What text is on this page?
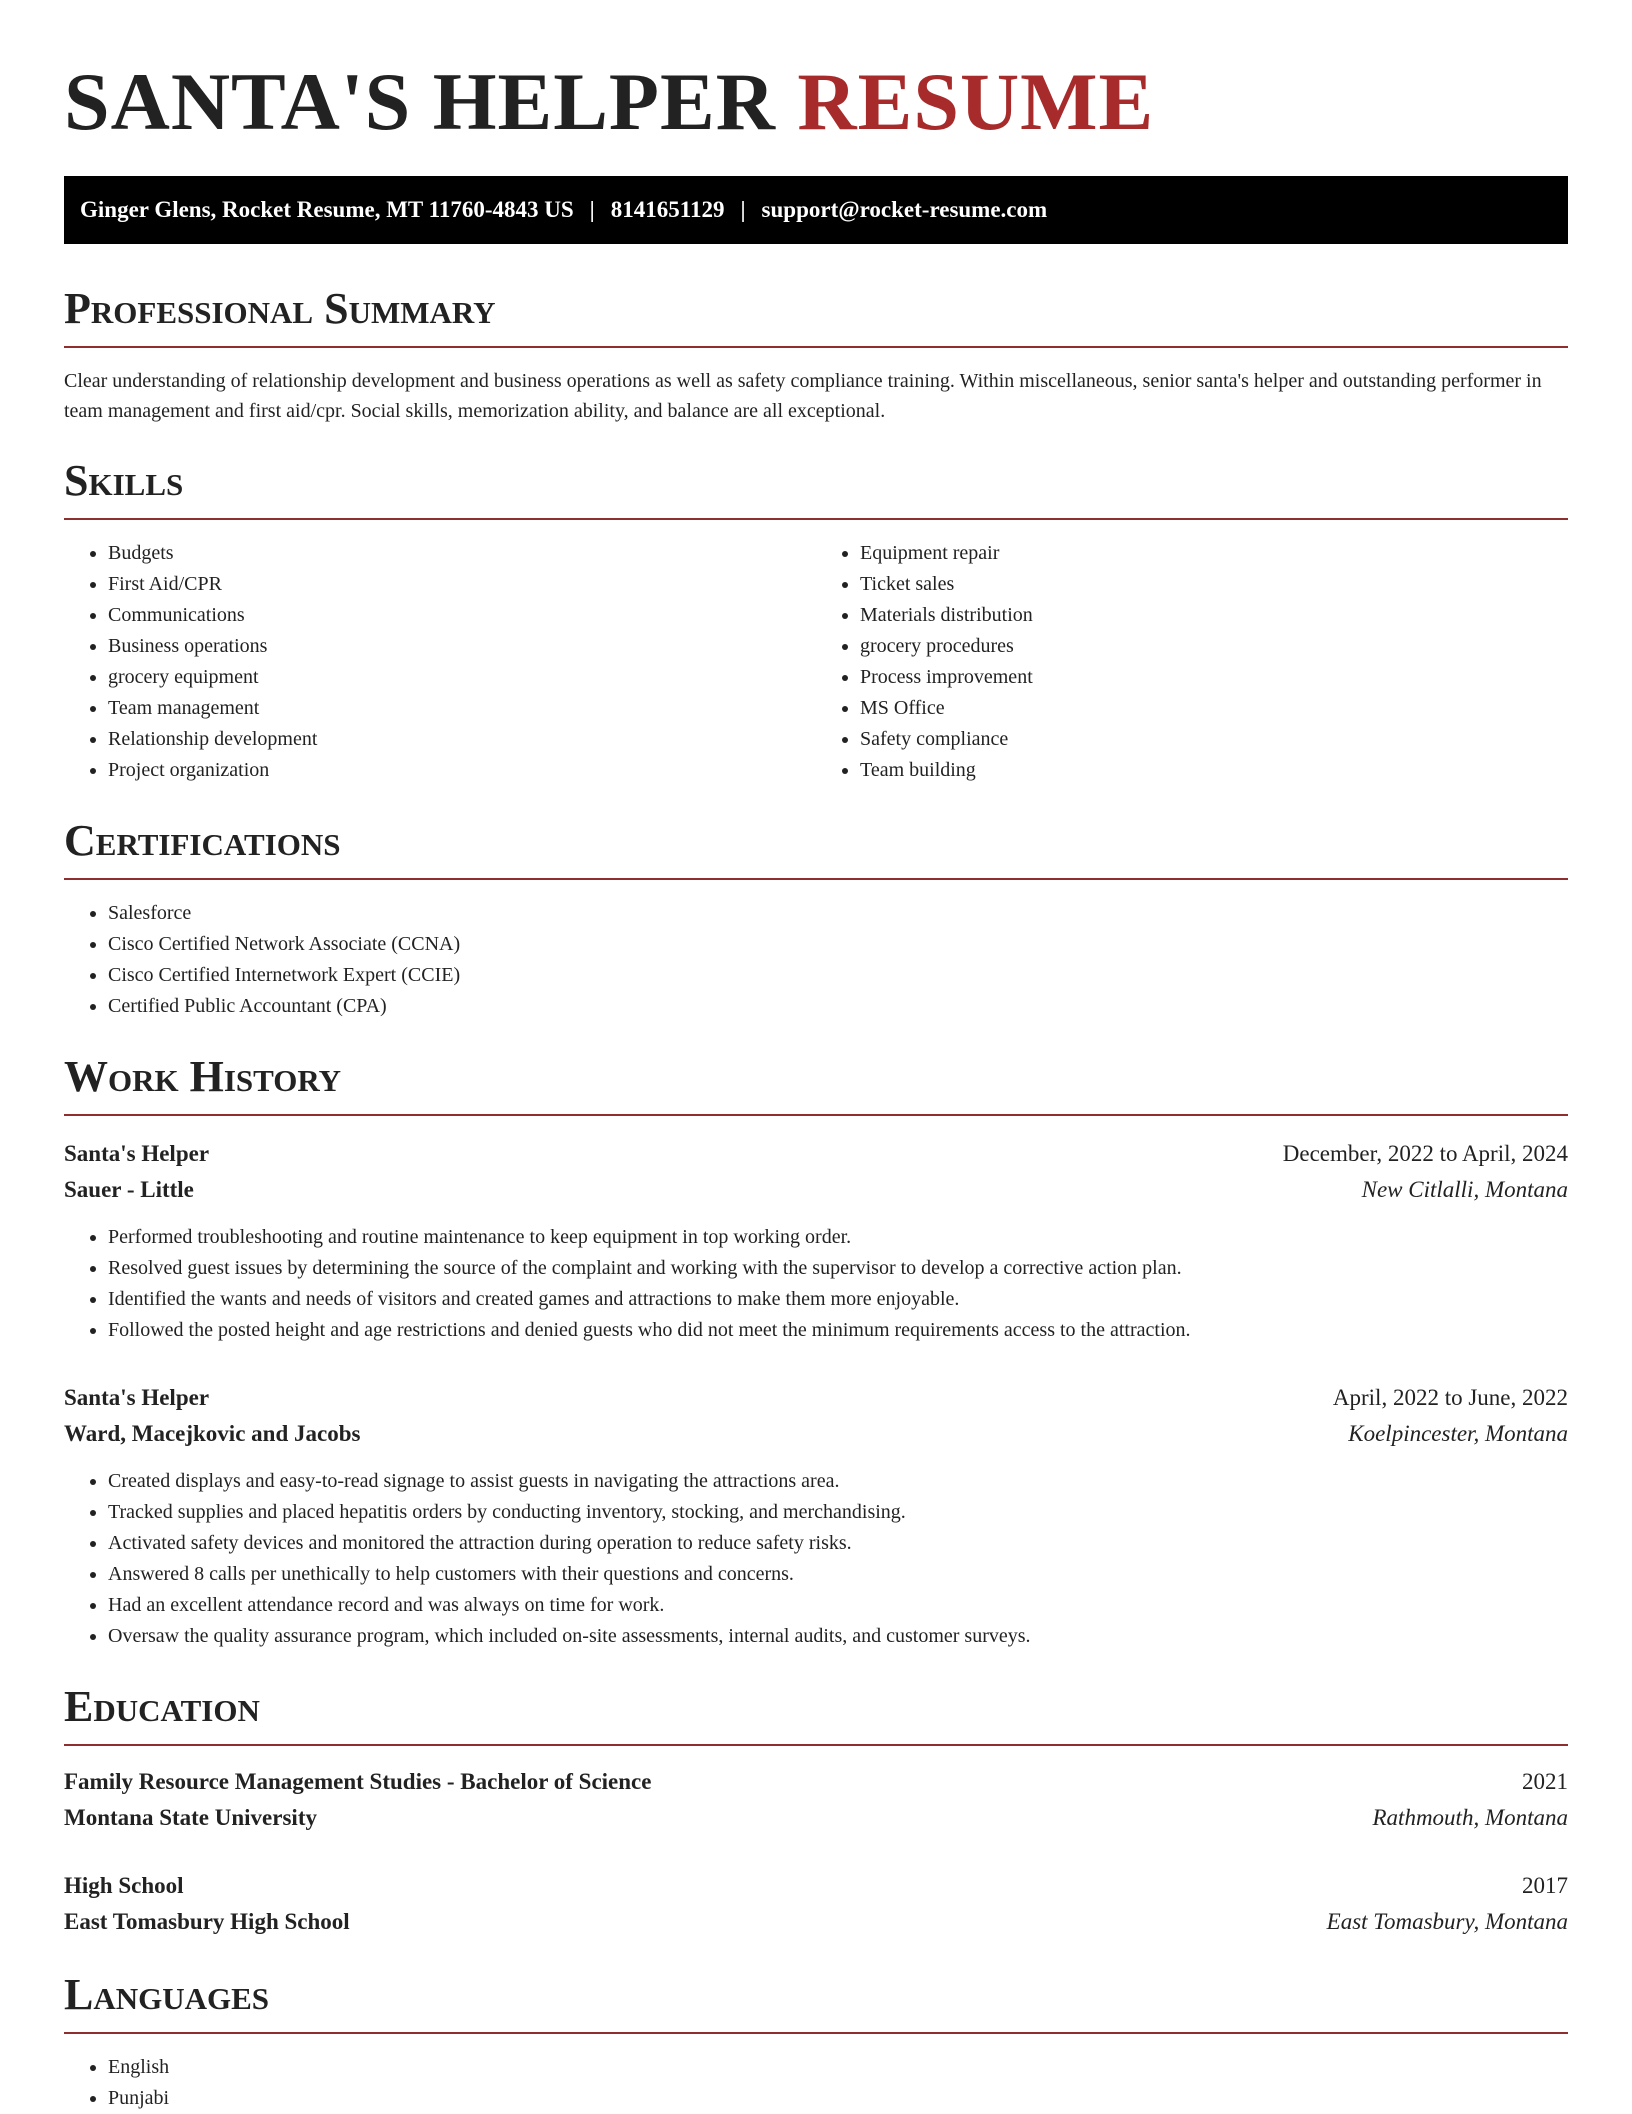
SANTA'S HELPER RESUME
Ginger Glens, Rocket Resume, MT 11760-4843 US | 8141651129 | support@rocket-resume.com
Professional Summary

Clear understanding of relationship development and business operations as well as safety compliance training. Within miscellaneous, senior santa's helper and outstanding performer in team management and first aid/cpr. Social skills, memorization ability, and balance are all exceptional.

Skills
• Budgets
• First Aid/CPR
• Communications
• Business operations
• grocery equipment
• Team management
• Relationship development
• Project organization
• Equipment repair
• Ticket sales
• Materials distribution
• grocery procedures
• Process improvement
• MS Office
• Safety compliance
• Team building
Certifications
• Salesforce
• Cisco Certified Network Associate (CCNA)
• Cisco Certified Internetwork Expert (CCIE)
• Certified Public Accountant (CPA)
Work History
Santa's Helper	December, 2022 to April, 2024
Sauer - Little	New Citlalli, Montana
• Performed troubleshooting and routine maintenance to keep equipment in top working order.
• Resolved guest issues by determining the source of the complaint and working with the supervisor to develop a corrective action plan.
• Identified the wants and needs of visitors and created games and attractions to make them more enjoyable.
• Followed the posted height and age restrictions and denied guests who did not meet the minimum requirements access to the attraction.
Santa's Helper	April, 2022 to June, 2022
Ward, Macejkovic and Jacobs	Koelpincester, Montana
• Created displays and easy-to-read signage to assist guests in navigating the attractions area.
• Tracked supplies and placed hepatitis orders by conducting inventory, stocking, and merchandising.
• Activated safety devices and monitored the attraction during operation to reduce safety risks.
• Answered 8 calls per unethically to help customers with their questions and concerns.
• Had an excellent attendance record and was always on time for work.
• Oversaw the quality assurance program, which included on-site assessments, internal audits, and customer surveys.
Education
Family Resource Management Studies - Bachelor of Science	2021
Montana State University	Rathmouth, Montana
High School	2017
East Tomasbury High School	East Tomasbury, Montana
Languages
• English
• Punjabi
